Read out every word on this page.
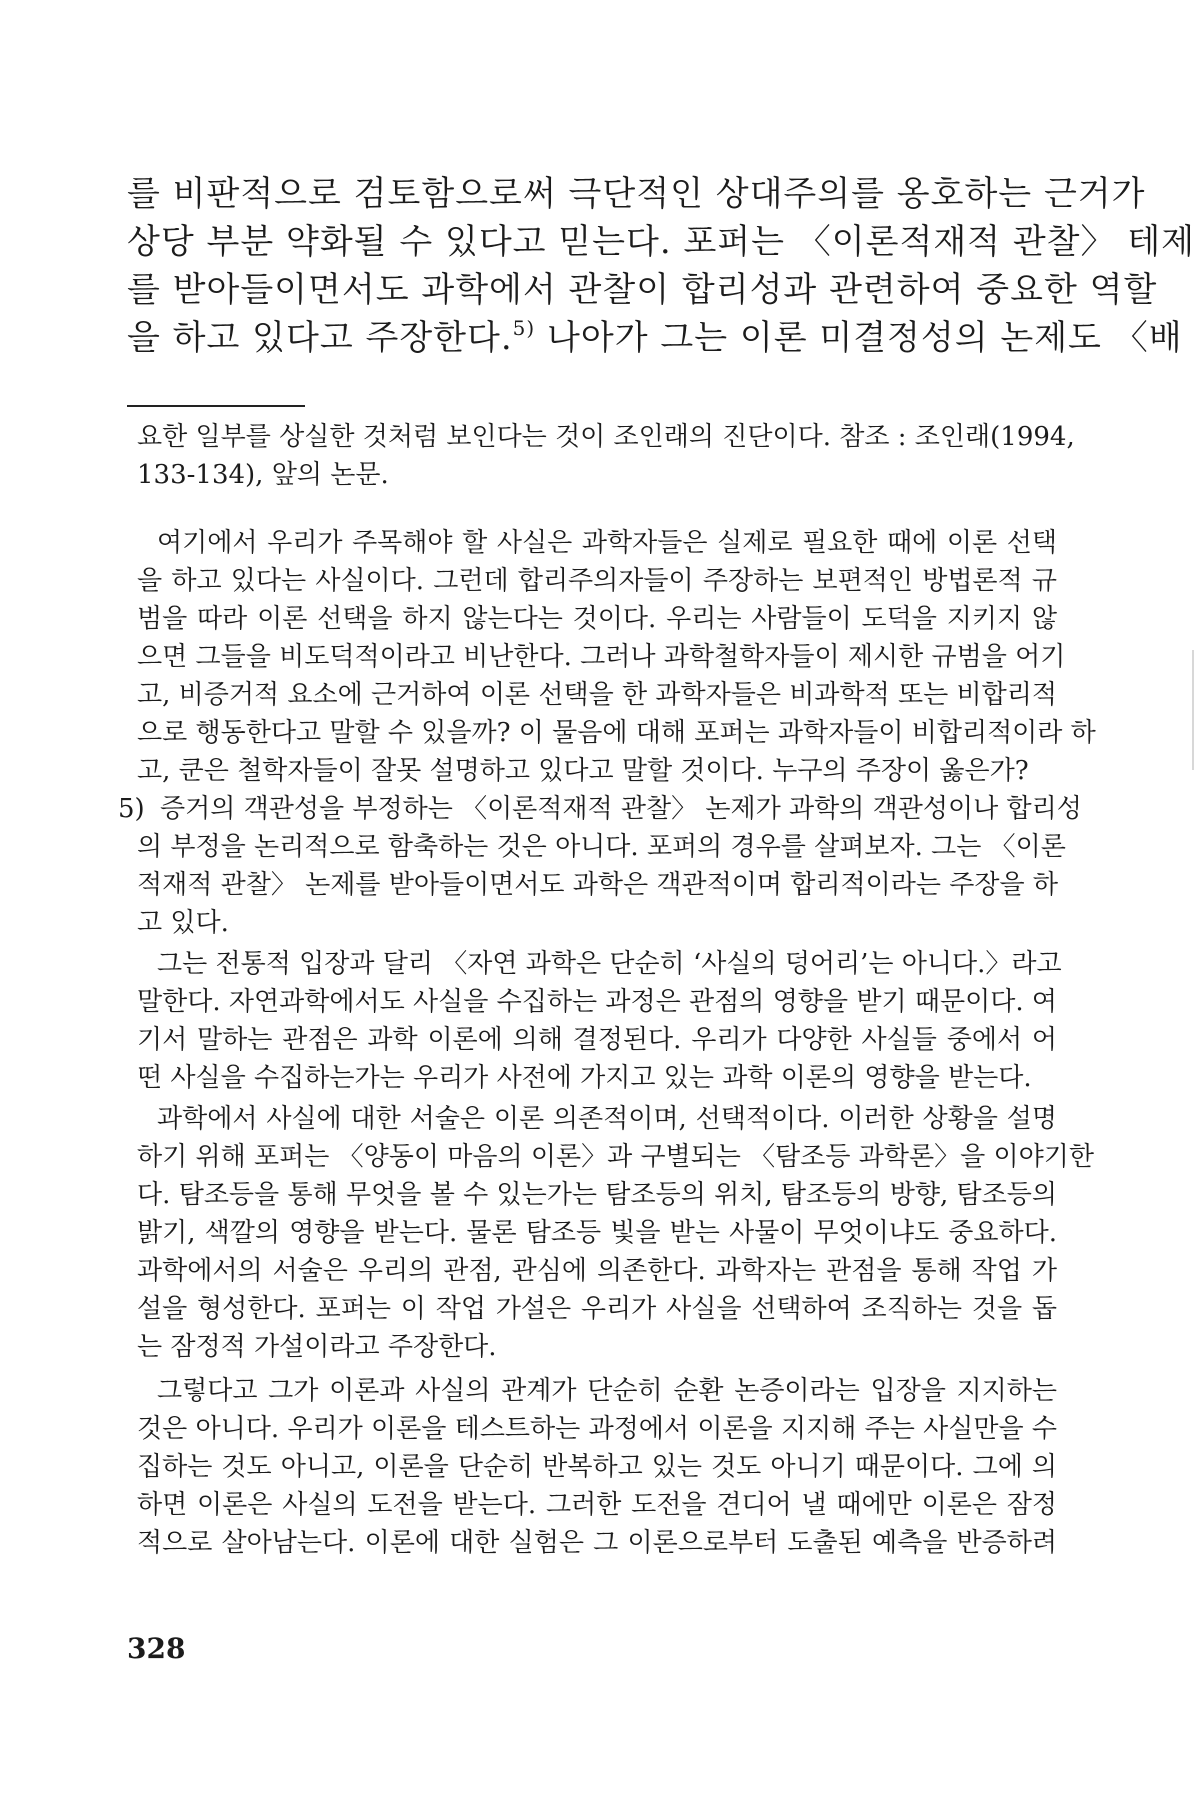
를 비판적으로 검토함으로써 극단적인 상대주의를 옹호하는 근거가
상당 부분 약화될 수 있다고 믿는다. 포퍼는 〈이론적재적 관찰〉 테제
를 받아들이면서도 과학에서 관찰이 합리성과 관련하여 중요한 역할
을 하고 있다고 주장한다.$^{5)}$ 나아가 그는 이론 미결정성의 논제도 〈배
요한 일부를 상실한 것처럼 보인다는 것이 조인래의 진단이다. 참조 : 조인래(1994,
133-134), 앞의 논문.
여기에서 우리가 주목해야 할 사실은 과학자들은 실제로 필요한 때에 이론 선택
을 하고 있다는 사실이다. 그런데 합리주의자들이 주장하는 보편적인 방법론적 규
범을 따라 이론 선택을 하지 않는다는 것이다. 우리는 사람들이 도덕을 지키지 않
으면 그들을 비도덕적이라고 비난한다. 그러나 과학철학자들이 제시한 규범을 어기
고, 비증거적 요소에 근거하여 이론 선택을 한 과학자들은 비과학적 또는 비합리적
으로 행동한다고 말할 수 있을까? 이 물음에 대해 포퍼는 과학자들이 비합리적이라 하
고, 쿤은 철학자들이 잘못 설명하고 있다고 말할 것이다. 누구의 주장이 옳은가?
5) 증거의 객관성을 부정하는 〈이론적재적 관찰〉 논제가 과학의 객관성이나 합리성
의 부정을 논리적으로 함축하는 것은 아니다. 포퍼의 경우를 살펴보자. 그는 〈이론
적재적 관찰〉 논제를 받아들이면서도 과학은 객관적이며 합리적이라는 주장을 하
고 있다.
그는 전통적 입장과 달리 〈자연 과학은 단순히 ‘사실의 덩어리’는 아니다.〉라고
말한다. 자연과학에서도 사실을 수집하는 과정은 관점의 영향을 받기 때문이다. 여
기서 말하는 관점은 과학 이론에 의해 결정된다. 우리가 다양한 사실들 중에서 어
떤 사실을 수집하는가는 우리가 사전에 가지고 있는 과학 이론의 영향을 받는다.
과학에서 사실에 대한 서술은 이론 의존적이며, 선택적이다. 이러한 상황을 설명
하기 위해 포퍼는 〈양동이 마음의 이론〉과 구별되는 〈탐조등 과학론〉을 이야기한
다. 탐조등을 통해 무엇을 볼 수 있는가는 탐조등의 위치, 탐조등의 방향, 탐조등의
밝기, 색깔의 영향을 받는다. 물론 탐조등 빛을 받는 사물이 무엇이냐도 중요하다.
과학에서의 서술은 우리의 관점, 관심에 의존한다. 과학자는 관점을 통해 작업 가
설을 형성한다. 포퍼는 이 작업 가설은 우리가 사실을 선택하여 조직하는 것을 돕
는 잠정적 가설이라고 주장한다.
그렇다고 그가 이론과 사실의 관계가 단순히 순환 논증이라는 입장을 지지하는
것은 아니다. 우리가 이론을 테스트하는 과정에서 이론을 지지해 주는 사실만을 수
집하는 것도 아니고, 이론을 단순히 반복하고 있는 것도 아니기 때문이다. 그에 의
하면 이론은 사실의 도전을 받는다. 그러한 도전을 견디어 낼 때에만 이론은 잠정
적으로 살아남는다. 이론에 대한 실험은 그 이론으로부터 도출된 예측을 반증하려
328
